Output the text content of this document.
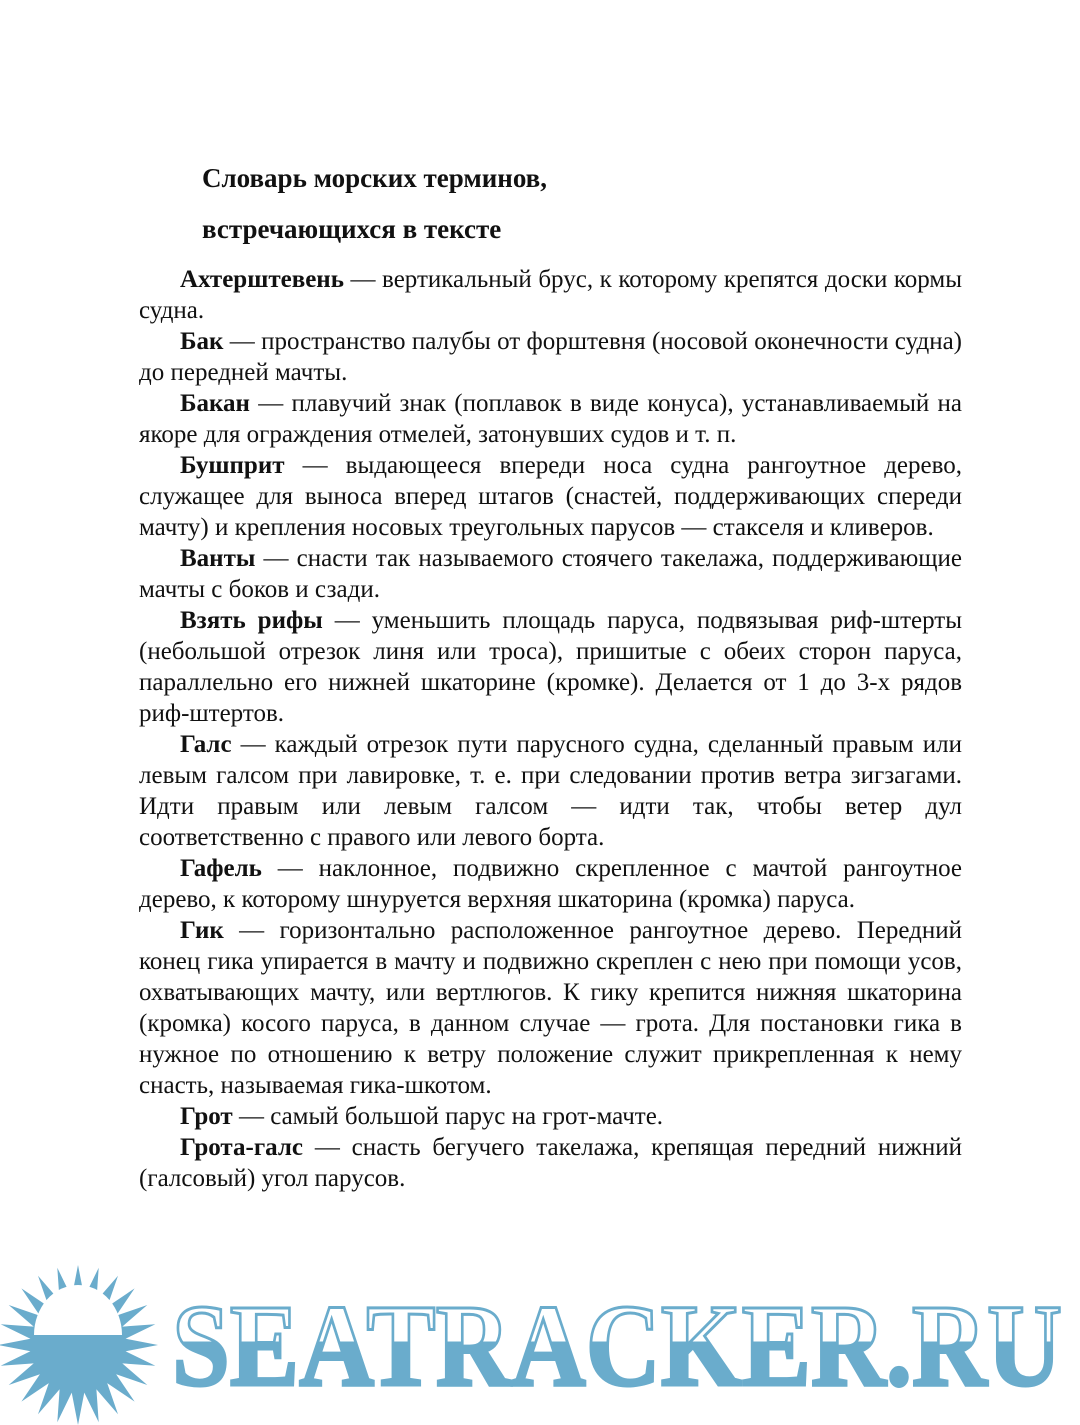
Словарь морских терминов,
встречающихся в тексте

Ахтерштевень — вертикальный брус, к которому крепятся доски кормы судна.

Бак — пространство палубы от форштевня (носовой оконечности судна) до передней мачты.

Бакан — плавучий знак (поплавок в виде конуса), устанавливаемый на якоре для ограждения отмелей, затонувших судов и т. п.

Бушприт — выдающееся впереди носа судна рангоутное дерево, служащее для выноса вперед штагов (снастей, поддерживающих спереди мачту) и крепления носовых треугольных парусов — стакселя и кливеров.

Ванты — снасти так называемого стоячего такелажа, поддерживающие мачты с боков и сзади.

Взять рифы — уменьшить площадь паруса, подвязывая риф-штерты (небольшой отрезок линя или троса), пришитые с обеих сторон паруса, параллельно его нижней шкаторине (кромке). Делается от 1 до 3-х рядов риф-штертов.

Галс — каждый отрезок пути парусного судна, сделанный правым или левым галсом при лавировке, т. е. при следовании против ветра зигзагами. Идти правым или левым галсом — идти так, чтобы ветер дул соответственно с правого или левого борта.

Гафель — наклонное, подвижно скрепленное с мачтой рангоутное дерево, к которому шнуруется верхняя шкаторина (кромка) паруса.

Гик — горизонтально расположенное рангоутное дерево. Передний конец гика упирается в мачту и подвижно скреплен с нею при помощи усов, охватывающих мачту, или вертлюгов. К гику крепится нижняя шкаторина (кромка) косого паруса, в данном случае — грота. Для постановки гика в нужное по отношению к ветру положение служит прикрепленная к нему снасть, называемая гика-шкотом.

Грот — самый большой парус на грот-мачте.

Грота-галс — снасть бегучего такелажа, крепящая передний нижний (галсовый) угол парусов.

SEATRACKER.RU
